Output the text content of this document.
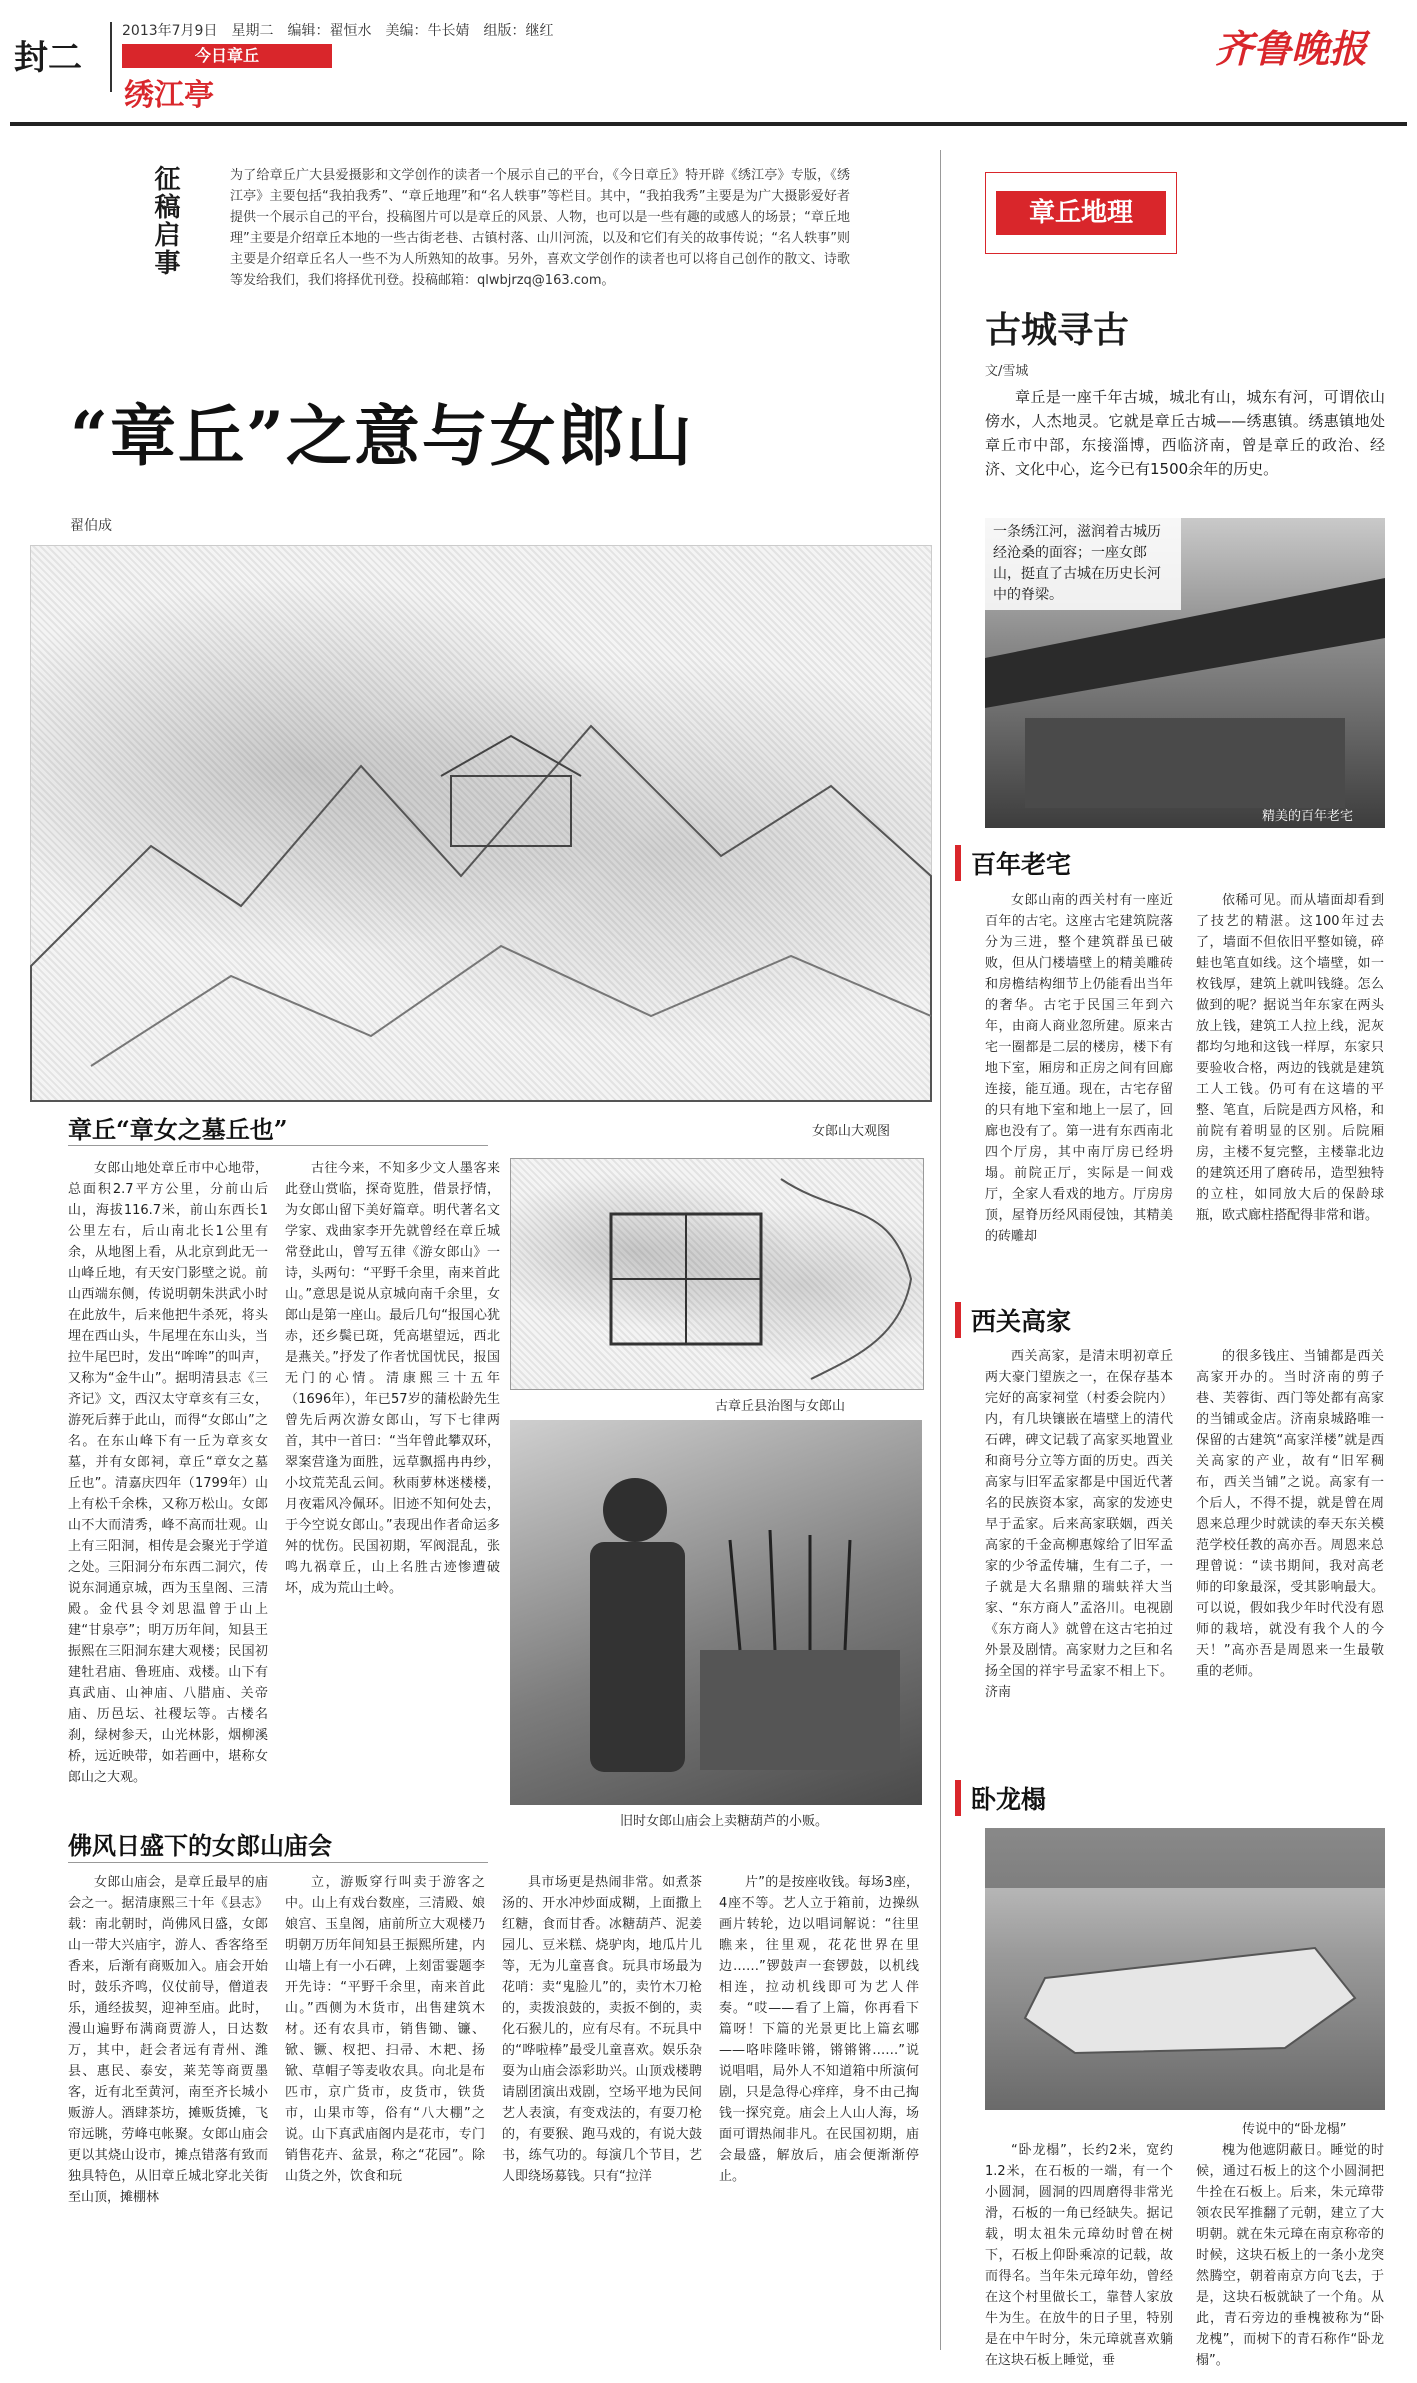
封二
2013年7月9日 星期二 编辑：翟恒水 美编：牛长婧 组版：继红
今日章丘
绣江亭
齐鲁晚报
征稿启事	为了给章丘广大县爱摄影和文学创作的读者一个展示自己的平台，《今日章丘》特开辟《绣江亭》专版，《绣江亭》主要包括“我拍我秀”、“章丘地理”和“名人轶事”等栏目。其中，“我拍我秀”主要是为广大摄影爱好者提供一个展示自己的平台，投稿图片可以是章丘的风景、人物，也可以是一些有趣的或感人的场景；“章丘地理”主要是介绍章丘本地的一些古街老巷、古镇村落、山川河流，以及和它们有关的故事传说；“名人轶事”则主要是介绍章丘名人一些不为人所熟知的故事。另外，喜欢文学创作的读者也可以将自己创作的散文、诗歌等发给我们，我们将择优刊登。投稿邮箱：qlwbjrzq@163.com。
“章丘”之意与女郎山
翟伯成
章丘“章女之墓丘也”	女郎山大观图

女郎山地处章丘市中心地带，总面积2.7平方公里，分前山后山，海拔116.7米，前山东西长1公里左右，后山南北长1公里有余，从地图上看，从北京到此无一山峰丘地，有天安门影壁之说。前山西端东侧，传说明朝朱洪武小时在此放牛，后来他把牛杀死，将头埋在西山头，牛尾埋在东山头，当拉牛尾巴时，发出“哞哞”的叫声，又称为“金牛山”。据明清县志《三齐记》文，西汉太守章亥有三女，游死后葬于此山，而得“女郎山”之名。在东山峰下有一丘为章亥女墓，并有女郎祠，章丘“章女之墓丘也”。清嘉庆四年（1799年）山上有松千余株，又称万松山。女郎山不大而清秀，峰不高而壮观。山上有三阳洞，相传是会聚光于学道之处。三阳洞分布东西二洞穴，传说东洞通京城，西为玉皇阁、三清殿。金代县令刘思温曾于山上建“甘泉亭”；明万历年间，知县王振熙在三阳洞东建大观楼；民国初建牡君庙、鲁班庙、戏楼。山下有真武庙、山神庙、八腊庙、关帝庙、历邑坛、社稷坛等。古楼名刹，绿树参天，山光林影，烟柳溪桥，远近映带，如若画中，堪称女郎山之大观。

古往今来，不知多少文人墨客来此登山赏临，探奇览胜，借景抒情，为女郎山留下美好篇章。明代著名文学家、戏曲家李开先就曾经在章丘城常登此山，曾写五律《游女郎山》一诗，头两句：“平野千余里，南来首此山。”意思是说从京城向南千余里，女郎山是第一座山。最后几句“报国心犹赤，还乡鬓已斑，凭高堪望远，西北是燕关。”抒发了作者忧国忧民，报国无门的心情。清康熙三十五年（1696年），年已57岁的蒲松龄先生曾先后两次游女郎山，写下七律两首，其中一首曰：“当年曾此攀双环，翠案营逢为面胜，远草飘摇冉冉纱，小坟荒芜乱云间。秋雨萝林迷楼楼，月夜霜风冷佩环。旧迹不知何处去，于今空说女郎山。”表现出作者命运多舛的忧伤。民国初期，军阀混乱，张鸣九祸章丘，山上名胜古迹惨遭破坏，成为荒山土岭。

古章丘县治图与女郎山
旧时女郎山庙会上卖糖葫芦的小贩。
佛风日盛下的女郎山庙会

女郎山庙会，是章丘最早的庙会之一。据清康熙三十年《县志》载：南北朝时，尚佛风日盛，女郎山一带大兴庙宇，游人、香客络至香来，后渐有商贩加入。庙会开始时，鼓乐齐鸣，仪仗前导，僧道表乐，通经拔契，迎神至庙。此时，漫山遍野布满商贾游人，日达数万，其中，赶会者远有青州、潍县、惠民、泰安，莱芜等商贾墨客，近有北至黄河，南至齐长城小贩游人。酒肆茶坊，摊贩货摊，飞帘远眺，劳峰屯帐聚。女郎山庙会更以其烧山设市，摊点错落有致而独具特色，从旧章丘城北穿北关街至山顶，摊棚林

立，游贩穿行叫卖于游客之中。山上有戏台数座，三清殿、娘娘宫、玉皇阁，庙前所立大观楼乃明朝万历年间知县王振熙所建，内山墙上有一小石碑，上刻雷霎题李开先诗：“平野千余里，南来首此山。”西侧为木货市，出售建筑木材。还有农具市，销售锄、镰、锨、镢、杈把、扫帚、木耙、扬锨、草帽子等麦收农具。向北是布匹市，京广货市，皮货市，铁货市，山果市等，俗有“八大棚”之说。山下真武庙阁内是花市，专门销售花卉、盆景，称之“花园”。除山货之外，饮食和玩

具市场更是热闹非常。如煮茶汤的、开水冲炒面成糊，上面撒上红糖，食而甘香。冰糖葫芦、泥姜园儿、豆米糕、烧驴肉，地瓜片儿等，无为儿童喜食。玩具市场最为花哨：卖“鬼脸儿”的，卖竹木刀枪的，卖拨浪鼓的，卖扳不倒的，卖化石猴儿的，应有尽有。不玩具中的“哗啦棒”最受儿童喜欢。娱乐杂耍为山庙会添彩助兴。山顶戏楼聘请剧团演出戏剧，空场平地为民间艺人表演，有变戏法的，有耍刀枪的，有要猴、跑马戏的，有说大鼓书，练气功的。每演几个节目，艺人即绕场募钱。只有“拉洋

片”的是按座收钱。每场3座，4座不等。艺人立于箱前，边操纵画片转轮，边以唱词解说：“往里瞧来，往里观，花花世界在里边……”锣鼓声一套锣鼓，以机线相连，拉动机线即可为艺人伴奏。“哎——看了上篇，你再看下篇呀！下篇的光景更比上篇玄哪——咯咔隆咔锵，锵锵锵……”说说唱唱，局外人不知道箱中所演何剧，只是急得心痒痒，身不由己掏钱一探究竟。庙会上人山人海，场面可谓热闹非凡。在民国初期，庙会最盛，解放后，庙会便渐渐停止。

章丘地理
古城寻古
文/雪城

章丘是一座千年古城，城北有山，城东有河，可谓依山傍水，人杰地灵。它就是章丘古城——绣惠镇。绣惠镇地处章丘市中部，东接淄博，西临济南，曾是章丘的政治、经济、文化中心，迄今已有1500余年的历史。

一条绣江河，滋润着古城历经沧桑的面容；一座女郎山，挺直了古城在历史长河中的脊梁。
精美的百年老宅
百年老宅

女郎山南的西关村有一座近百年的古宅。这座古宅建筑院落分为三进，整个建筑群虽已破败，但从门楼墙壁上的精美雕砖和房檐结构细节上仍能看出当年的奢华。古宅于民国三年到六年，由商人商业忽所建。原来古宅一圈都是二层的楼房，楼下有地下室，厢房和正房之间有回廊连接，能互通。现在，古宅存留的只有地下室和地上一层了，回廊也没有了。第一进有东西南北四个厅房，其中南厅房已经坍塌。前院正厅，实际是一间戏厅，全家人看戏的地方。厅房房顶，屋脊历经风雨侵蚀，其精美的砖雕却

依稀可见。而从墙面却看到了技艺的精湛。这100年过去了，墙面不但依旧平整如镜，碎蛙也笔直如线。这个墙壁，如一枚钱厚，建筑上就叫钱缝。怎么做到的呢？据说当年东家在两头放上钱，建筑工人拉上线，泥灰都均匀地和这钱一样厚，东家只要验收合格，两边的钱就是建筑工人工钱。仍可有在这墙的平整、笔直，后院是西方风格，和前院有着明显的区别。后院厢房，主楼不复完整，主楼靠北边的建筑还用了磨砖吊，造型独特的立柱，如同放大后的保龄球瓶，欧式廊柱搭配得非常和谐。

西关高家

西关高家，是清末明初章丘两大豪门望族之一，在保存基本完好的高家祠堂（村委会院内）内，有几块镶嵌在墙壁上的清代石碑，碑文记载了高家买地置业和商号分立等方面的历史。西关高家与旧军孟家都是中国近代著名的民族资本家，高家的发迹史早于孟家。后来高家联姻，西关高家的千金高柳惠嫁给了旧军孟家的少爷孟传墉，生有二子，一子就是大名鼎鼎的瑞蚨祥大当家、“东方商人”孟洛川。电视剧《东方商人》就曾在这古宅拍过外景及剧情。高家财力之巨和名扬全国的祥宇号孟家不相上下。济南

的很多钱庄、当铺都是西关高家开办的。当时济南的剪子巷、芙蓉街、西门等处都有高家的当铺或金店。济南泉城路唯一保留的古建筑“高家洋楼”就是西关高家的产业，故有“旧军稠布，西关当铺”之说。高家有一个后人，不得不提，就是曾在周恩来总理少时就读的奉天东关模范学校任教的高亦吾。周恩来总理曾说：“读书期间，我对高老师的印象最深，受其影响最大。可以说，假如我少年时代没有恩师的栽培，就没有我个人的今天！”高亦吾是周恩来一生最敬重的老师。

卧龙榻
传说中的“卧龙榻”

“卧龙榻”，长约2米，宽约1.2米，在石板的一端，有一个小圆洞，圆洞的四周磨得非常光滑，石板的一角已经缺失。据记载，明太祖朱元璋幼时曾在树下，石板上仰卧乘凉的记载，故而得名。当年朱元璋年幼，曾经在这个村里做长工，靠替人家放牛为生。在放牛的日子里，特别是在中午时分，朱元璋就喜欢躺在这块石板上睡觉，垂

槐为他遮阴蔽日。睡觉的时候，通过石板上的这个小圆洞把牛拴在石板上。后来，朱元璋带领农民军推翻了元朝，建立了大明朝。就在朱元璋在南京称帝的时候，这块石板上的一条小龙突然腾空，朝着南京方向飞去，于是，这块石板就缺了一个角。从此，青石旁边的垂槐被称为“卧龙槐”，而树下的青石称作“卧龙榻”。
